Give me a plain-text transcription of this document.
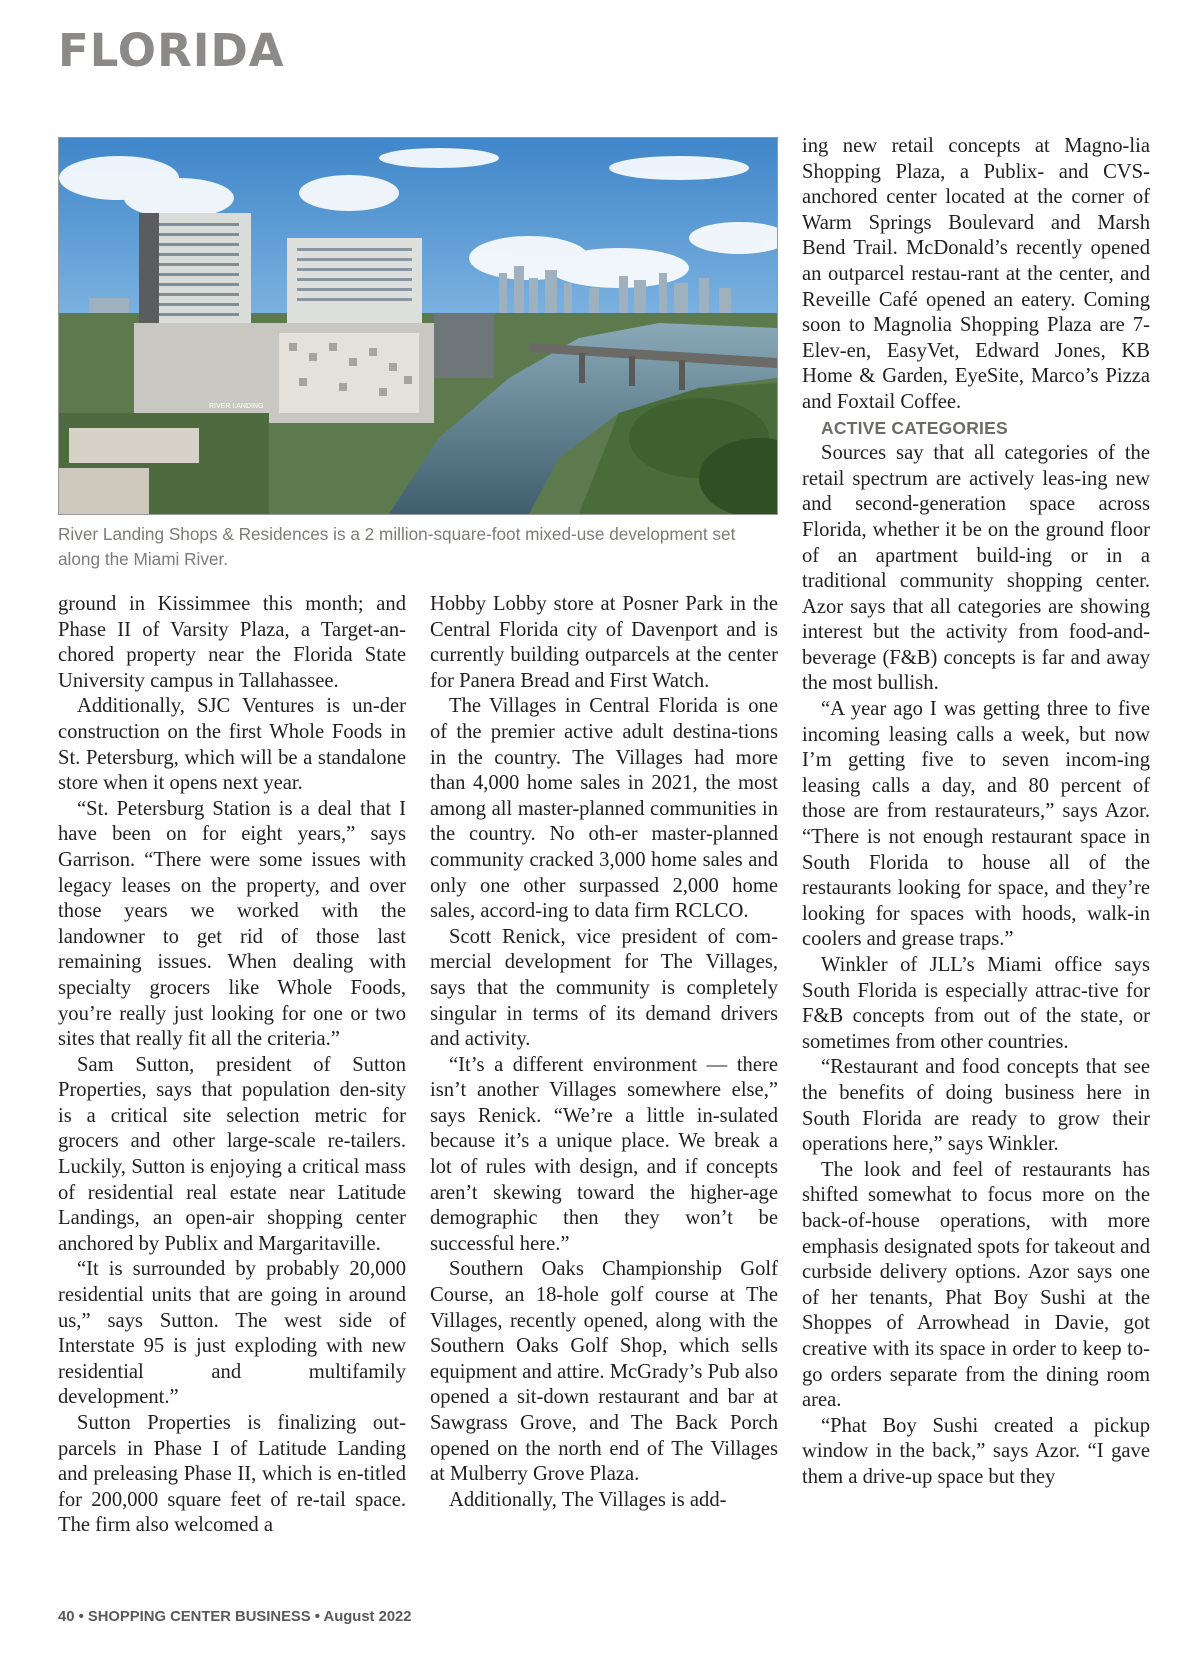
FLORIDA
RIVER LANDING
River Landing Shops & Residences is a 2 million-square-foot mixed-use development set along the Miami River.

ground in Kissimmee this month; and Phase II of Varsity Plaza, a Target-an-chored property near the Florida State University campus in Tallahassee.

Additionally, SJC Ventures is un-der construction on the first Whole Foods in St. Petersburg, which will be a standalone store when it opens next year.

“St. Petersburg Station is a deal that I have been on for eight years,” says Garrison. “There were some issues with legacy leases on the property, and over those years we worked with the landowner to get rid of those last remaining issues. When dealing with specialty grocers like Whole Foods, you’re really just looking for one or two sites that really fit all the criteria.”

Sam Sutton, president of Sutton Properties, says that population den-sity is a critical site selection metric for grocers and other large-scale re-tailers. Luckily, Sutton is enjoying a critical mass of residential real estate near Latitude Landings, an open-air shopping center anchored by Publix and Margaritaville.

“It is surrounded by probably 20,000 residential units that are going in around us,” says Sutton. The west side of Interstate 95 is just exploding with new residential and multifamily development.”

Sutton Properties is finalizing out-parcels in Phase I of Latitude Landing and preleasing Phase II, which is en-titled for 200,000 square feet of re-tail space. The firm also welcomed a

Hobby Lobby store at Posner Park in the Central Florida city of Davenport and is currently building outparcels at the center for Panera Bread and First Watch.

The Villages in Central Florida is one of the premier active adult destina-tions in the country. The Villages had more than 4,000 home sales in 2021, the most among all master-planned communities in the country. No oth-er master-planned community cracked 3,000 home sales and only one other surpassed 2,000 home sales, accord-ing to data firm RCLCO.

Scott Renick, vice president of com-mercial development for The Villages, says that the community is completely singular in terms of its demand drivers and activity.

“It’s a different environment — there isn’t another Villages somewhere else,” says Renick. “We’re a little in-sulated because it’s a unique place. We break a lot of rules with design, and if concepts aren’t skewing toward the higher-age demographic then they won’t be successful here.”

Southern Oaks Championship Golf Course, an 18-hole golf course at The Villages, recently opened, along with the Southern Oaks Golf Shop, which sells equipment and attire. McGrady’s Pub also opened a sit-down restaurant and bar at Sawgrass Grove, and The Back Porch opened on the north end of The Villages at Mulberry Grove Plaza.

Additionally, The Villages is add-

ing new retail concepts at Magno-lia Shopping Plaza, a Publix- and CVS-anchored center located at the corner of Warm Springs Boulevard and Marsh Bend Trail. McDonald’s recently opened an outparcel restau-rant at the center, and Reveille Café opened an eatery. Coming soon to Magnolia Shopping Plaza are 7-Elev-en, EasyVet, Edward Jones, KB Home & Garden, EyeSite, Marco’s Pizza and Foxtail Coffee.

ACTIVE CATEGORIES

Sources say that all categories of the retail spectrum are actively leas-ing new and second-generation space across Florida, whether it be on the ground floor of an apartment build-ing or in a traditional community shopping center. Azor says that all categories are showing interest but the activity from food-and-beverage (F&B) concepts is far and away the most bullish.

“A year ago I was getting three to five incoming leasing calls a week, but now I’m getting five to seven incom-ing leasing calls a day, and 80 percent of those are from restaurateurs,” says Azor. “There is not enough restaurant space in South Florida to house all of the restaurants looking for space, and they’re looking for spaces with hoods, walk-in coolers and grease traps.”

Winkler of JLL’s Miami office says South Florida is especially attrac-tive for F&B concepts from out of the state, or sometimes from other countries.

“Restaurant and food concepts that see the benefits of doing business here in South Florida are ready to grow their operations here,” says Winkler.

The look and feel of restaurants has shifted somewhat to focus more on the back-of-house operations, with more emphasis designated spots for takeout and curbside delivery options. Azor says one of her tenants, Phat Boy Sushi at the Shoppes of Arrowhead in Davie, got creative with its space in order to keep to-go orders separate from the dining room area.

“Phat Boy Sushi created a pickup window in the back,” says Azor. “I gave them a drive-up space but they

40 • SHOPPING CENTER BUSINESS • August 2022
